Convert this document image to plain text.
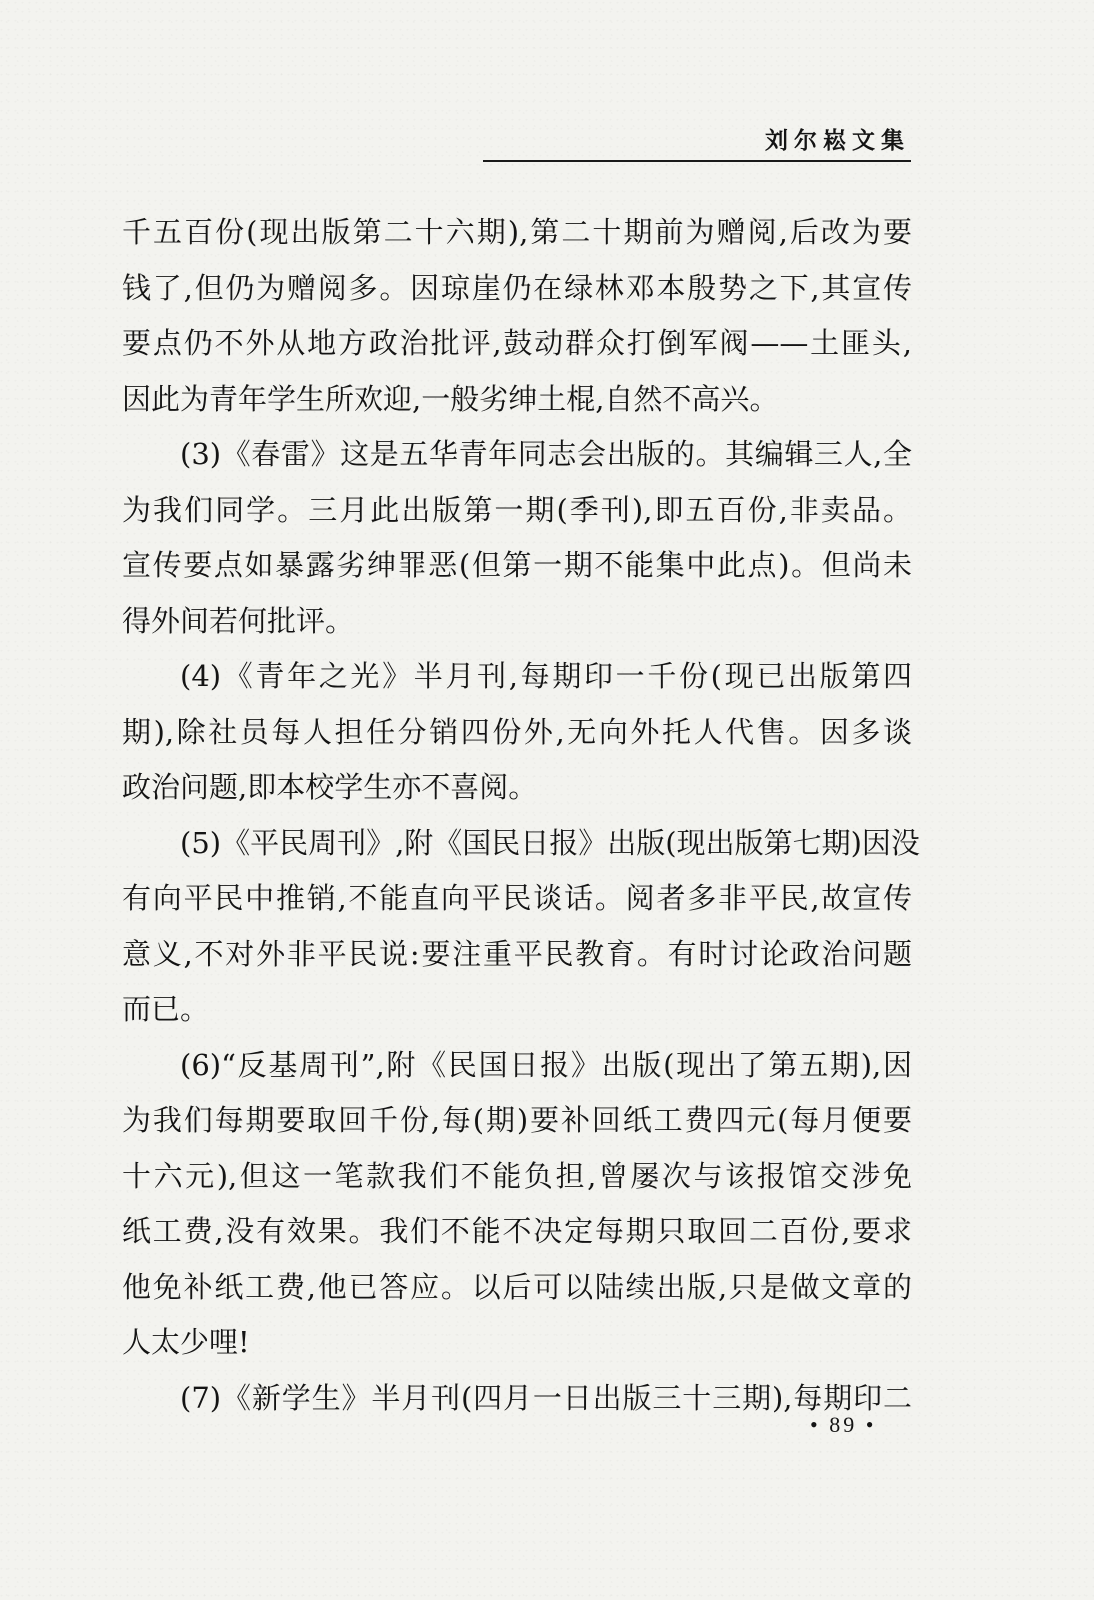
刘尔崧文集
千五百份(现出版第二十六期),第二十期前为赠阅,后改为要
钱了,但仍为赠阅多。因琼崖仍在绿林邓本殷势之下,其宣传
要点仍不外从地方政治批评,鼓动群众打倒军阀——土匪头,
因此为青年学生所欢迎,一般劣绅土棍,自然不高兴。
(3)《春雷》这是五华青年同志会出版的。其编辑三人,全
为我们同学。三月此出版第一期(季刊),即五百份,非卖品。
宣传要点如暴露劣绅罪恶(但第一期不能集中此点)。但尚未
得外间若何批评。
(4)《青年之光》半月刊,每期印一千份(现已出版第四
期),除社员每人担任分销四份外,无向外托人代售。因多谈
政治问题,即本校学生亦不喜阅。
(5)《平民周刊》,附《国民日报》出版(现出版第七期)因没
有向平民中推销,不能直向平民谈话。阅者多非平民,故宣传
意义,不对外非平民说:要注重平民教育。有时讨论政治问题
而已。
(6)“反基周刊”,附《民国日报》出版(现出了第五期),因
为我们每期要取回千份,每(期)要补回纸工费四元(每月便要
十六元),但这一笔款我们不能负担,曾屡次与该报馆交涉免
纸工费,没有效果。我们不能不决定每期只取回二百份,要求
他免补纸工费,他已答应。以后可以陆续出版,只是做文章的
人太少哩!
(7)《新学生》半月刊(四月一日出版三十三期),每期印二
• 89 •
